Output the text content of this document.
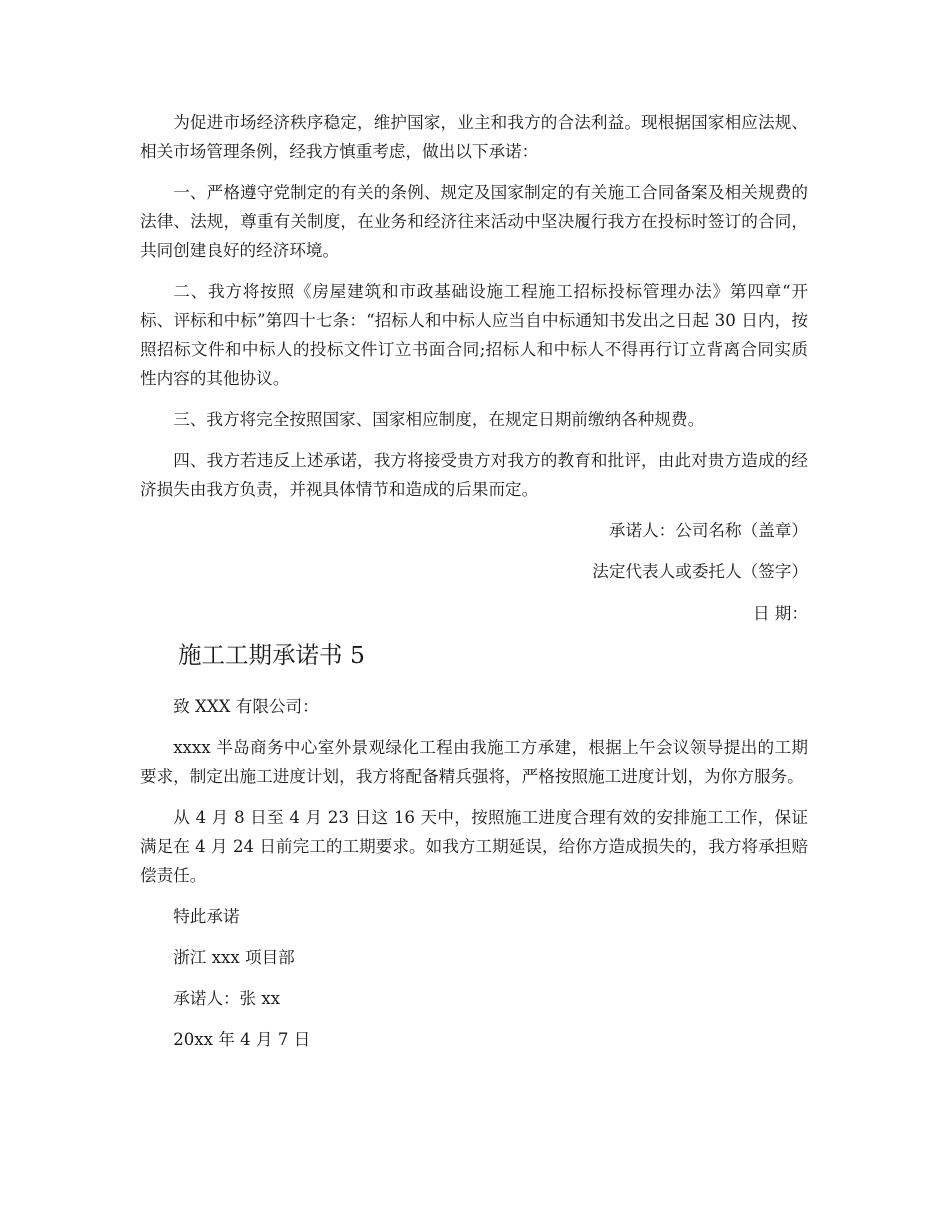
为促进市场经济秩序稳定，维护国家，业主和我方的合法利益。现根据国家相应法规、相关市场管理条例，经我方慎重考虑，做出以下承诺：

一、严格遵守党制定的有关的条例、规定及国家制定的有关施工合同备案及相关规费的法律、法规，尊重有关制度，在业务和经济往来活动中坚决履行我方在投标时签订的合同，共同创建良好的经济环境。

二、我方将按照《房屋建筑和市政基础设施工程施工招标投标管理办法》第四章“开标、评标和中标”第四十七条：“招标人和中标人应当自中标通知书发出之日起 30 日内，按照招标文件和中标人的投标文件订立书面合同;招标人和中标人不得再行订立背离合同实质性内容的其他协议。

三、我方将完全按照国家、国家相应制度，在规定日期前缴纳各种规费。

四、我方若违反上述承诺，我方将接受贵方对我方的教育和批评，由此对贵方造成的经济损失由我方负责，并视具体情节和造成的后果而定。

承诺人：公司名称（盖章）
法定代表人或委托人（签字）
日 期：
施工工期承诺书 5
致 XXX 有限公司：

xxxx 半岛商务中心室外景观绿化工程由我施工方承建，根据上午会议领导提出的工期要求，制定出施工进度计划，我方将配备精兵强将，严格按照施工进度计划，为你方服务。

从 4 月 8 日至 4 月 23 日这 16 天中，按照施工进度合理有效的安排施工工作，保证满足在 4 月 24 日前完工的工期要求。如我方工期延误，给你方造成损失的，我方将承担赔偿责任。

特此承诺
浙江 xxx 项目部
承诺人：张 xx
20xx 年 4 月 7 日
